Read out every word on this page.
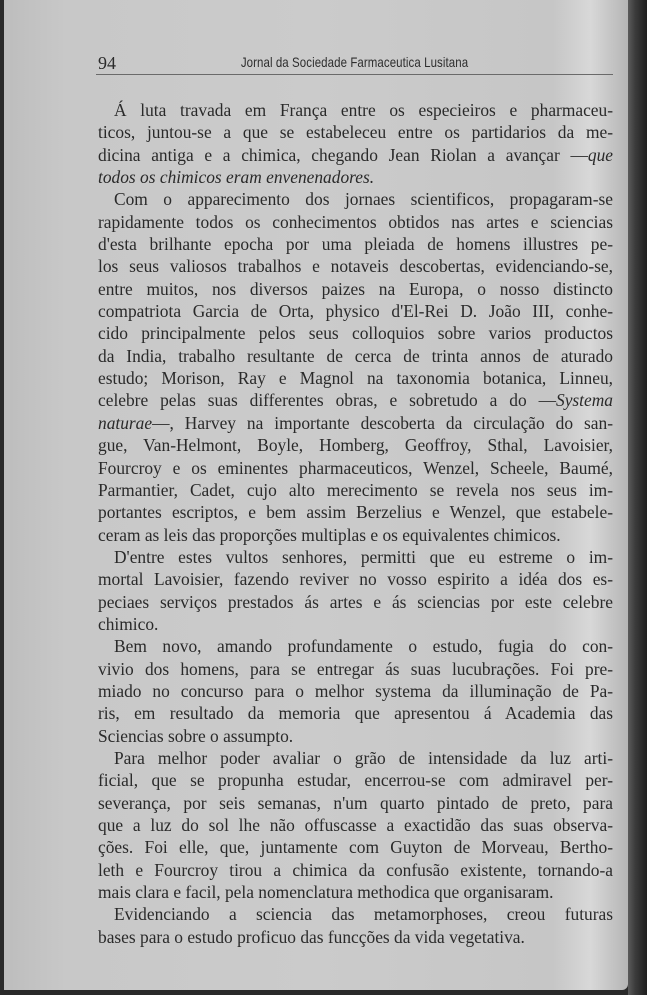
94	Jornal da Sociedade Farmaceutica Lusitana
Á luta travada em França entre os especieiros e pharmaceu-
ticos, juntou-se a que se estabeleceu entre os partidarios da me-
dicina antiga e a chimica, chegando Jean Riolan a avançar —que
todos os chimicos eram envenenadores.
Com o apparecimento dos jornaes scientificos, propagaram-se
rapidamente todos os conhecimentos obtidos nas artes e sciencias
d'esta brilhante epocha por uma pleiada de homens illustres pe-
los seus valiosos trabalhos e notaveis descobertas, evidenciando-se,
entre muitos, nos diversos paizes na Europa, o nosso distincto
compatriota Garcia de Orta, physico d'El-Rei D. João III, conhe-
cido principalmente pelos seus colloquios sobre varios productos
da India, trabalho resultante de cerca de trinta annos de aturado
estudo; Morison, Ray e Magnol na taxonomia botanica, Linneu,
celebre pelas suas differentes obras, e sobretudo a do —Systema
naturae—, Harvey na importante descoberta da circulação do san-
gue, Van-Helmont, Boyle, Homberg, Geoffroy, Sthal, Lavoisier,
Fourcroy e os eminentes pharmaceuticos, Wenzel, Scheele, Baumé,
Parmantier, Cadet, cujo alto merecimento se revela nos seus im-
portantes escriptos, e bem assim Berzelius e Wenzel, que estabele-
ceram as leis das proporções multiplas e os equivalentes chimicos.
D'entre estes vultos senhores, permitti que eu estreme o im-
mortal Lavoisier, fazendo reviver no vosso espirito a idéa dos es-
peciaes serviços prestados ás artes e ás sciencias por este celebre
chimico.
Bem novo, amando profundamente o estudo, fugia do con-
vivio dos homens, para se entregar ás suas lucubrações. Foi pre-
miado no concurso para o melhor systema da illuminação de Pa-
ris, em resultado da memoria que apresentou á Academia das
Sciencias sobre o assumpto.
Para melhor poder avaliar o grão de intensidade da luz arti-
ficial, que se propunha estudar, encerrou-se com admiravel per-
severança, por seis semanas, n'um quarto pintado de preto, para
que a luz do sol lhe não offuscasse a exactidão das suas observa-
ções. Foi elle, que, juntamente com Guyton de Morveau, Bertho-
leth e Fourcroy tirou a chimica da confusão existente, tornando-a
mais clara e facil, pela nomenclatura methodica que organisaram.
Evidenciando a sciencia das metamorphoses, creou futuras
bases para o estudo proficuo das funcções da vida vegetativa.
